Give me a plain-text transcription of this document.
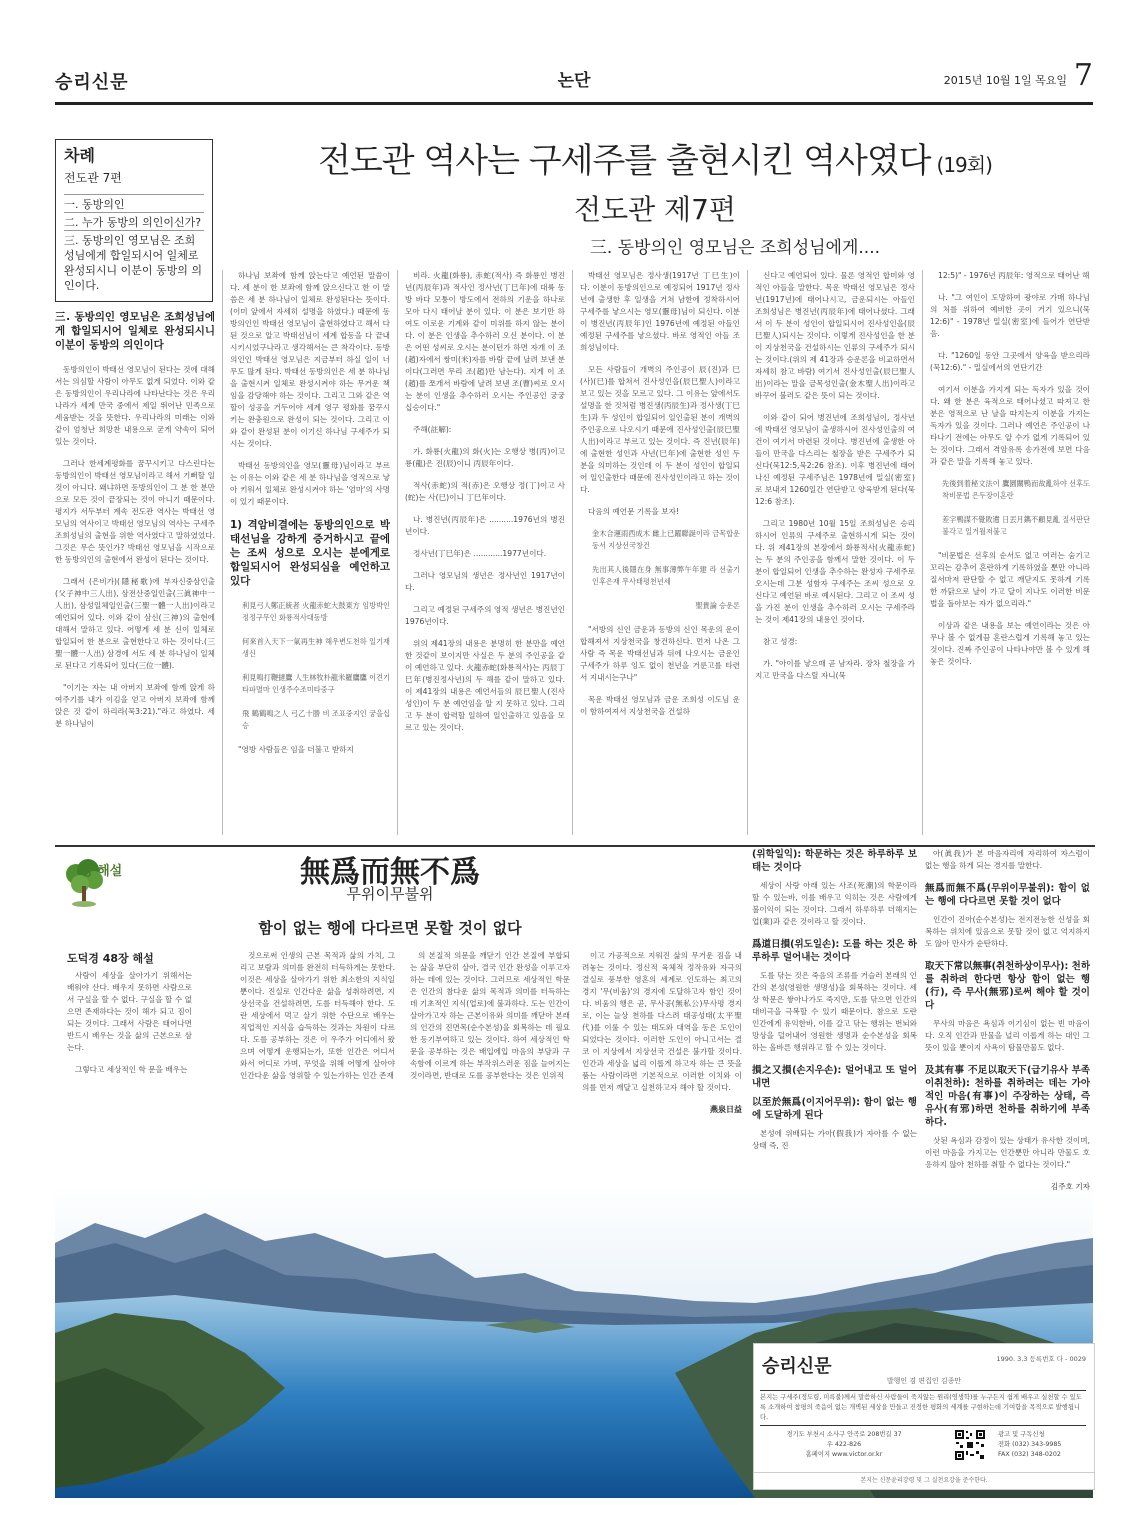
승리신문	논단	2015년 10월 1일 목요일 7
전도관 역사는 구세주를 출현시킨 역사였다 (19회)
전도관 제7편
三. 동방의인 영모님은 조희성님에게....
차례
전도관 7편
一. 동방의인
二. 누가 동방의 의인이신가?
三. 동방의인 영모님은 조희성님에게 합일되시어 일체로 완성되시니 이분이 동방의 의인이다.

三. 동방의인 영모님은 조희성님에게 합일되시어 일체로 완성되시니 이분이 동방의 의인이다

동방의인이 박태선 영모님이 된다는 것에 대해서는 의심할 사람이 아무도 없게 되었다. 이와 같은 동방의인이 우리나라에 나타난다는 것은 우리나라가 세계 만국 중에서 제일 뛰어난 민족으로 세움받는 것을 뜻한다. 우리나라의 미래는 이와 같이 엄청난 희망찬 내용으로 굳게 약속이 되어 있는 것이다.

그러나 한세계평화를 꿈꾸시키고 다스린다는 동방의인이 박태선 영모님이라고 해서 기뻐할 일 것이 아니다. 왜냐하면 동방의인이 그 분 한 분만으로 모든 것이 끝장되는 것이 아니기 때문이다. 평지가 서두부터 계속 전도관 역사는 박태선 영모님의 역사이고 박태선 영모님의 역사는 구세주 조희성님의 출현을 위한 역사였다고 말하였었다. 그것은 무슨 뜻인가? 박태선 영모님을 시작으로 한 동방의인의 출현에서 완성이 된다는 것이다.

그래서 (은비가)(隱秘歌)에 부자신중삼인출(父子神中三人出), 삼전산중일인출(三眞神中一人出), 삼성일체일인출(三聖一體一人出)이라고 예언되어 있다. 이와 같이 삼신(三神)의 출현에 대해서 말하고 있다. 어떻게 세 분 신이 일체로 합일되어 한 분으로 출현한다고 하는 것이다.(三聖一體一人出) 삼경에 서도 세 분 하나님이 일체로 된다고 기록되어 있다(三位一體).

"이기는 자는 내 아버지 보좌에 함께 앉게 하여주기를 내가 이김을 얻고 아버지 보좌에 함께 앉은 것 같이 하리라(묵3:21)."라고 하였다. 세 분 하나님이

하나님 보좌에 함께 앉는다고 예언된 말씀이다. 세 분이 한 보좌에 함께 앉으신다고 한 이 말씀은 세 분 하나님이 일체로 완성된다는 뜻이다.(이미 앞에서 자세히 설명을 하였다.) 때문에 동방의인인 박태선 영모님이 출현하였다고 해서 다 된 것으로 알고 박태선님이 세계 합동을 다 끝내시키시었구나라고 생각해서는 큰 착각이다. 동방의인인 박태선 영모님은 지금부터 하실 일이 너무도 많게 된다. 박태선 동방의인은 세 분 하나님을 출현시켜 일체로 완성시켜야 하는 무거운 책임을 감당해야 하는 것이다. 그리고 그와 같은 역할이 성공을 거두어야 세계 영구 평화를 꿈꾸시키는 완충원으로 완성이 되는 것이다. 그리고 이와 같이 완성된 분이 이기신 하나님 구세주가 되시는 것이다.

박태선 동방의인을 영모(靈母)님이라고 부르는 이유는 이와 같은 세 분 하나님을 영적으로 낳아 키워서 일체로 완성시켜야 하는 '엄마'의 사명이 있기 때문이다.

1) 격암비결에는 동방의인으로 박태선님을 강하게 증거하시고 끝에는 조씨 성으로 오시는 분에게로 합일되시어 완성되심을 예언하고 있다

利見弓人鄭正統者 火龍赤蛇大鼓東方 임방박인정정구무인 화룡적사대동방

何來首入天下一氣再生神 해우변도천하 일기재생신

利見鳴打鞭撻鷹 人生林牧朴龍米羅鷹鷹 이견기 타파멸마 인생주수조미타중구

飛 鶴鶴鳴之人 弓乙十勝 비 조표중지인 궁을십승

"영방 사람들은 임을 더불고 받하지

비라. 火龍(화룡), 赤蛇(적사) 즉 화룡인 병진년(丙辰年)과 적사인 정사년(丁巳年)에 대륙 동방 바다 모퉁이 방도에서 전하의 기운을 하나로 모아 다시 태어날 분이 있다. 이 분은 보기만 하여도 이로운 기계와 같이 미위를 하지 않는 분이다. 이 분은 인생을 추수하러 오신 분이다. 이 분은 어떤 성씨로 오시는 분이던가 하면 자개 이 조(趙)자에서 쌍미(米)자를 바람 끝에 날려 보낸 분이다(그러면 무리 조(趙)만 남는다). 지게 이 조(趙)를 쪼개서 바람에 날려 보낸 조(曹)씨로 오시는 분이 인생을 추수하러 오시는 주인공인 궁궁십승이다."

주해(註解):

가. 화룡(火龍)의 화(火)는 오행상 병(丙)이고 룡(龍)은 진(辰)이니 丙辰年이다.

적사(赤蛇)의 적(赤)은 오행상 정(丁)이고 사(蛇)는 사(巳)이니 丁巳年이다.

나. 병진년(丙辰年)은 ..........1976년의 병진년이다.

정사년(丁巳年)은 ............1977년이다.

그러나 영모님의 생년은 정사년인 1917년이다.

그리고 예정된 구세주의 영적 생년은 병진년인 1976년이다.

위의 제41장의 내용은 분명히 한 분만을 예언한 것같이 보이지만 사실은 두 분의 주인공을 같이 예언하고 있다. 火龍赤蛇(화룡적사)는 丙辰丁巳年(병진정사년)의 두 해를 같이 말하고 있다. 이 제41장의 내용은 예언서들의 辰巳聖人(진사성인)이 두 분 예언임을 알 지 못하고 있다. 그리고 두 분이 합력할 일하여 일인출하고 있음을 모르고 있는 것이다.

박태선 영모님은 정사생(1917년 丁巳生)이다. 이분이 동방의인으로 예정되어 1917년 정사년에 출생한 후 일생을 거쳐 남한에 정착하시어 구세주를 낳으시는 영모(靈母)님이 되신다. 이분이 병진년(丙辰年)인 1976년에 예정된 아들인 예정된 구세주를 낳으셨다. 바로 영적인 아들 조희성님이다.

모든 사람들이 개벽의 주인공이 辰(진)과 巳(사)(巳)를 합쳐서 진사성인을(辰巳聖人)이라고 보고 있는 것을 모르고 있다. 그 이유는 앞에서도 설명을 한 것처럼 병진생(丙辰生)과 정사생(丁巳生)과 두 성인이 합일되어 일인출된 분이 개벽의 주인공으로 나오시기 때문에 진사성인출(辰巳聖人出)이라고 부르고 있는 것이다. 즉 진년(辰年)에 출현한 성인과 사년(巳年)에 출현한 성인 두 분을 의미하는 것인데 이 두 분이 성인이 합일되어 일인출한다 때문에 진사성인이라고 하는 것이다.

다음의 예언문 기록을 보자!

金木合運雨西成木 雌上已躍聯誕이라 금목합운동서 지상선국창건

先出其人後隱在身 無事薄弊午年建 라 선출기인후은재 무사태평천년세

聖貴論 승운론

"서방의 신인 금운과 동방의 신인 목운의 운이 합해져서 지상천국을 창건하신다. 먼저 나온 그 사람 즉 목운 박태선님과 뒤에 나오시는 금운인 구세주가 하루 잉도 없이 천년을 거룬고를 타련서 지내시는구나"

목운 박태선 영모님과 금운 조희성 이도님 운이 함하여져서 지상천국을 건설하

신다고 예언되어 있다. 물론 영적인 합미와 영적인 아들을 말한다. 목운 박태선 영모님은 정사년(1917년)에 태어나시고, 금운되시는 아들인 조희성님은 병진년(丙辰年)에 태어나셨다. 그래서 이 두 분이 성인이 합일되시어 진사성인을(辰巳聖人)되시는 것이다. 이렇게 진사성인을 한 분이 지상천국을 건설하시는 인류의 구세주가 되시는 것이다.(위의 제 41장과 승운론을 비교하면서 자세히 참고 바람) 여기서 진사성인출(辰巳聖人出)이라는 말을 금목성인출(金木聖人出)이라고 바꾸어 불러도 같은 뜻이 되는 것이다.

이와 같이 되어 병진년에 조희성님이, 정사년에 박태선 영모님이 출생하시어 진사성인출의 여건이 여기서 마련된 것이다. 병진년에 출생한 아들이 만국을 다스리는 철장을 받은 구세주가 되신다(묵12:5,묵2:26 참조). 이후 병진년에 태어나신 예정된 구세주님은 1978년에 밀실(密室)로 보내져 1260일간 연단받고 양육받게 된다(묵12:6 참조).

그리고 1980년 10월 15일 조희성님은 승리하시어 인류의 구세주로 출현하시게 되는 것이다. 위 제41장의 본장에서 화룡적사(火龍赤蛇)는 두 분의 주인공을 함께서 말한 것이다. 이 두 분이 합일되어 인생을 추수하는 완성자 구세주로 오시는데 그분 성함자 구세주는 조씨 성으로 오신다고 예언된 바로 예시된다. 그리고 이 조씨 성을 가진 분이 인생을 추수하러 오시는 구세주라는 것이 제41장의 내용인 것이다.

참고 성경:

가. "아이를 낳으매 곧 남자라. 장차 철장을 가지고 만국을 다스릴 자니(묵

12:5)" - 1976년 丙辰年: 영적으로 태어난 해

나. "그 여인이 도망하여 광야로 가매 하나님의 처를 위하여 예비한 곳이 거기 있으니(묵12:6)" - 1978년 밀실(密室)에 들어가 연단받음.

다. "1260일 동안 그곳에서 양육을 받으리라(묵12:6)." - 밀실에서의 연단기간

여기서 이분을 가지게 되는 독자가 있을 것이다. 왜 한 분은 육적으로 태어나셨고 따져고 한 분은 영적으로 난 날을 따지는지 이분을 가지는 독자가 있을 것이다. 그러나 예언은 주인공이 나타나기 전에는 아무도 알 수가 없게 기록되어 있는 것이다. 그래서 격암유록 송가전에 보면 다음과 같은 말을 기록해 놓고 있다.

先後到着秘文法이 鷹園關鴨而故亂하야 선후도착비문법 은두장이혼란

差字鴨謀不覺敗遺 日丟月鐫不顧見亂 질서판단불각고 일거월저불고

"비문법은 선후의 순서도 없고 여러는 숨기고 꼬리는 감추어 혼란하게 기록하였을 뿐만 아니라 질서마저 판단할 수 없고 깨닫지도 못하게 기록한 까닭으로 날이 가고 달이 지나도 이러한 비문법을 돌아보는 자가 없으리라."

이상과 같은 내용을 보는 예언이라는 것은 아무나 볼 수 없게끔 혼란스럽게 기록해 놓고 있는 것이다. 진짜 주인공이 나타나야만 볼 수 있게 해 놓은 것이다.

경 해설	無爲而無不爲
무위이무불위
함이 없는 행에 다다르면 못할 것이 없다
도덕경 48장 해설

사람이 세상을 살아가기 위해서는 배워야 산다. 배우지 못하면 사람으로서 구실을 할 수 없다. 구실을 할 수 없으면 존재하다는 것이 해가 되고 짐이 되는 것이다. 그래서 사람은 태어나면 반드시 배우는 것을 삶의 근본으로 삼는다.

그렇다고 세상적인 학 문을 배우는

것으로써 인생의 근본 목적과 삶의 가치, 그리고 보람과 의미를 완전히 터득하게는 못한다. 이것은 세상을 살아가기 위한 최소한의 지식일 뿐이다. 진실로 인간다운 삶을 성취하려면, 지상선국을 건설하려면, 도를 터득해야 한다. 도란 세상에서 먹고 살기 위한 수단으로 배우는 직업적인 지식을 습득하는 것과는 차원이 다르다. 도를 공부하는 것은 이 우주가 어디에서 왔으며 어떻게 운행되는가, 또한 인간은 어디서 와서 어디로 가며, 무엇을 위해 어떻게 살아야 인간다운 삶을 영위할 수 있는가하는 인간 존재

의 본질적 의문을 깨닫기 인간 본질에 부합되는 삶을 부단히 살아, 결국 인간 완성을 이루고자 하는 데에 있는 것이다. 그러므로 세상적인 학문은 인간의 참다운 삶의 목적과 의미를 터득하는데 기초적인 지식(업로)에 불과하다. 도는 인간이 살아가고자 하는 근본이유와 의미를 깨닫아 본래의 인간의 진면목(순수본성)을 회복하는 데 필요한 동기부여하고 있는 것이다. 하여 세상적인 학문을 공부하는 것은 배입에입 마음의 부담과 구속함에 이르게 하는 부작위스러운 짐을 늘어지는 것이라면, 반대로 도를 공부한다는 것은 인위적

이고 가공적으로 지워진 삶의 무거운 짐을 내려놓는 것이다. 정신적 육체적 정작유와 자극의 결실로 풍부한 영혼의 세계로 인도하는 최고의 경지 '무(비움)'의 경지에 도달하고자 함인 것이다. 비움의 행은 곧, 무사공(無私公)무사평 경지로, 이는 늘상 천하를 다스려 태공성태(太平聖代)를 이룰 수 있는 태도와 대역을 동은 도인이 되었다는 것이다. 이러한 도인이 아니고서는 결코 이 지상에서 지상선국 건설은 불가할 것이다. 인간과 세상을 넓리 이롭게 하고자 하는 큰 뜻을 품는 사람이라면 기본적으로 이러한 이치와 이 의를 먼저 깨달고 실천하고자 해야 할 것이다.

燕泉日益

(위학일익): 학문하는 것은 하루하루 보태는 것이다

세상이 사랑 아래 있는 사조(死潮)의 학문이라 할 수 있는바, 이를 배우고 익히는 것은 사람에게 불이익이 되는 것이다. 그래서 하루하루 더해지는 업(業)과 같은 것이라고 할 것이다.

爲道日損(위도일손): 도를 하는 것은 하루하루 덜어내는 것이다

도를 닦는 것은 죽음의 조류를 거슬러 본래의 인간의 본성(영원한 생명성)을 회복하는 것이다. 세상 학문은 쌓아나가도 죽지만, 도를 닦으면 인간의 대비극을 극복할 수 있기 때문이다. 참으로 도란 인간에게 유익한바, 이를 갈고 닦는 행위는 번뇌와 망상을 덜어내어 영원한 생명과 순수본성을 회복하는 올바른 행위라고 할 수 있는 것이다.

損之又損(손지우손): 덜어내고 또 덜어내면

以至於無爲(이지어무위): 함이 없는 행에 도달하게 된다

본성에 위배되는 가아(假我)가 자아를 수 없는 상태 즉, 진

아(眞我)가 본 마음자리에 자리하여 자스럼이 없는 행을 하게 되는 경지를 말한다.

無爲而無不爲(무위이무불위): 함이 없는 행에 다다르면 못할 것이 없다

인간이 진아(순수본성)는 전지전능한 신성을 회복하는 위치에 있음으로 못할 것이 없고 억지하지도 않아 만사가 순탄하다.

取天下常以無事(취천하상이무사): 천하를 취하려 한다면 항상 함이 없는 행(行), 즉 무사(無邪)로써 해야 할 것이다

무사의 마음은 욕심과 이기심이 없는 빈 마음이다. 오직 인간과 만물을 널리 이롭게 하는 대인 그 뜻이 있을 뿐이지 사욕이 탐물만물도 없다.

及其有事 不足以取天下(급기유사 부족이취천하): 천하를 취하려는 데는 가아적인 마음(有事)이 주장하는 상태, 즉 유사(有邪)하면 천하를 취하기에 부족하다.

삿된 욕심과 감정이 있는 상태가 유사한 것이며, 이런 마음을 가지고는 인간뿐만 아니라 만물도 호응하지 않아 천하를 취할 수 없다는 것이다."

김주호 기자

승리신문	1990. 3.3 등록번호 다 - 0029
발행인 겸 편집인 김종만
본지는 구세주(정도령, 미륵불)께서 말씀하신 사람들이 죽지않는 원리(영생학)를 누구든지 쉽게 배우고 실천할 수 있도록 소개하여 참평의 죽음이 없는 개벽된 세상을 만들고 진정한 평화의 세계를 구현하는데 기여함을 목적으로 발행됩니다.
경기도 부천시 소사구 안곡로 208번길 37
우 422-826
홈페이지 www.victor.or.kr
광고 및 구독신청
전화 (032) 343-9985
FAX (032) 348-0202
본지는 신문윤리강령 및 그 실천요강을 준수한다.
